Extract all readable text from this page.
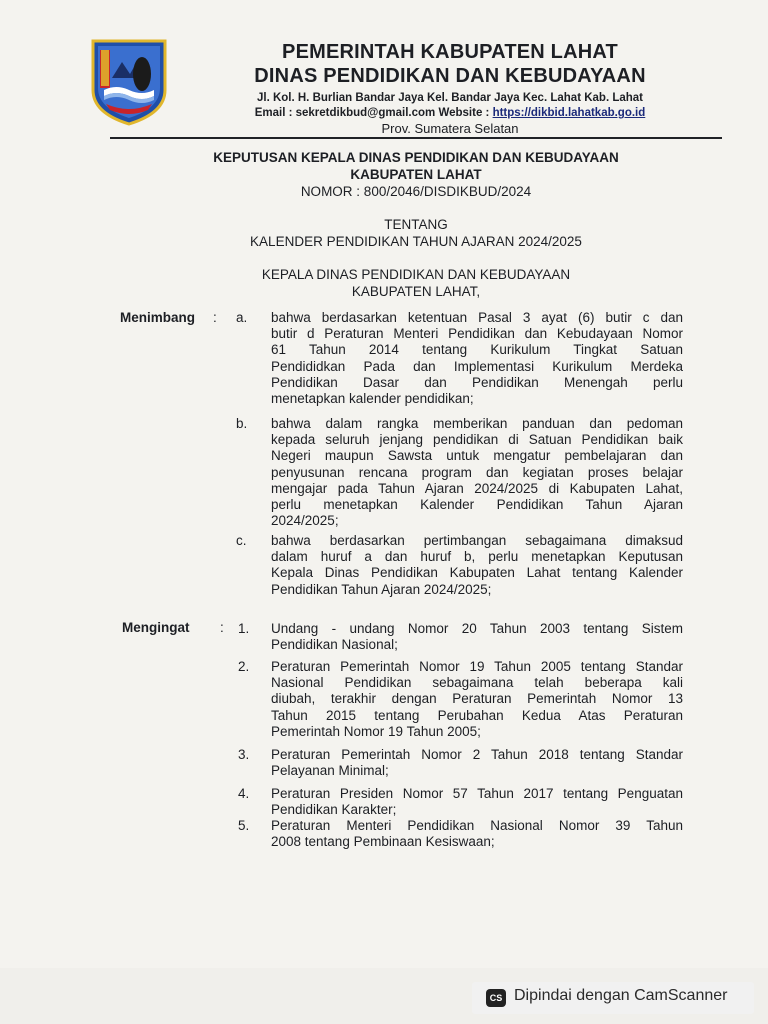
PEMERINTAH KABUPATEN LAHAT
DINAS PENDIDIKAN DAN KEBUDAYAAN
Jl. Kol. H. Burlian Bandar Jaya Kel. Bandar Jaya Kec. Lahat Kab. Lahat
Email : sekretdikbud@gmail.com Website : https://dikbid.lahatkab.go.id
Prov. Sumatera Selatan
KEPUTUSAN KEPALA DINAS PENDIDIKAN DAN KEBUDAYAAN
KABUPATEN LAHAT
NOMOR : 800/2046/DISDIKBUD/2024
TENTANG
KALENDER PENDIDIKAN TAHUN AJARAN 2024/2025
KEPALA DINAS PENDIDIKAN DAN KEBUDAYAAN
KABUPATEN LAHAT,
Menimbang : a. bahwa berdasarkan ketentuan Pasal 3 ayat (6) butir c dan
butir d Peraturan Menteri Pendidikan dan Kebudayaan Nomor
61 Tahun 2014 tentang Kurikulum Tingkat Satuan
Pendididkan Pada dan Implementasi Kurikulum Merdeka
Pendidikan Dasar dan Pendidikan Menengah perlu
menetapkan kalender pendidikan;
b. bahwa dalam rangka memberikan panduan dan pedoman
kepada seluruh jenjang pendidikan di Satuan Pendidikan baik
Negeri maupun Sawsta untuk mengatur pembelajaran dan
penyusunan rencana program dan kegiatan proses belajar
mengajar pada Tahun Ajaran 2024/2025 di Kabupaten Lahat,
perlu menetapkan Kalender Pendidikan Tahun Ajaran
2024/2025;
c. bahwa berdasarkan pertimbangan sebagaimana dimaksud
dalam huruf a dan huruf b, perlu menetapkan Keputusan
Kepala Dinas Pendidikan Kabupaten Lahat tentang Kalender
Pendidikan Tahun Ajaran 2024/2025;
Mengingat : 1. Undang - undang Nomor 20 Tahun 2003 tentang Sistem
Pendidikan Nasional;
2. Peraturan Pemerintah Nomor 19 Tahun 2005 tentang Standar
Nasional Pendidikan sebagaimana telah beberapa kali
diubah, terakhir dengan Peraturan Pemerintah Nomor 13
Tahun 2015 tentang Perubahan Kedua Atas Peraturan
Pemerintah Nomor 19 Tahun 2005;
3. Peraturan Pemerintah Nomor 2 Tahun 2018 tentang Standar
Pelayanan Minimal;
4. Peraturan Presiden Nomor 57 Tahun 2017 tentang Penguatan
Pendidikan Karakter;
5. Peraturan Menteri Pendidikan Nasional Nomor 39 Tahun
2008 tentang Pembinaan Kesiswaan;
CS Dipindai dengan CamScanner
